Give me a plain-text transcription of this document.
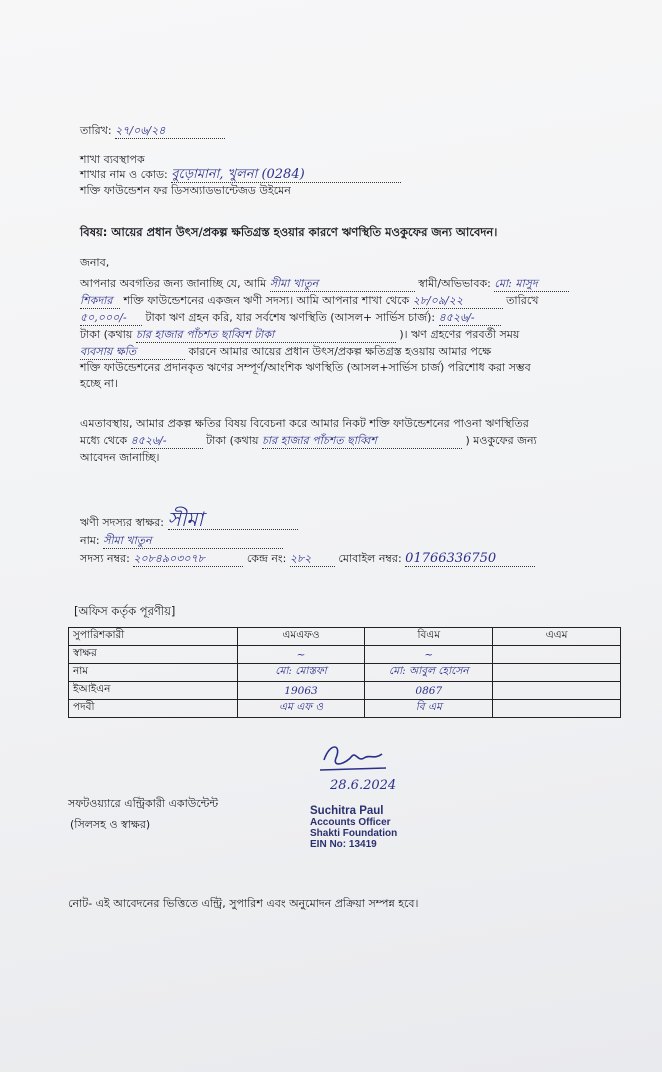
তারিখ: ২৭/০৬/২৪
শাখা ব্যবস্থাপক
শাখার নাম ও কোড: বুড়োমানা, খুলনা (0284)
শক্তি ফাউন্ডেশন ফর ডিসঅ্যাডভান্টেজড উইমেন
বিষয়: আয়ের প্রধান উৎস/প্রকল্প ক্ষতিগ্রস্ত হওয়ার কারণে ঋণস্থিতি মওকুফের জন্য আবেদন।
জনাব,
আপনার অবগতির জন্য জানাচ্ছি যে, আমি সীমা খাতুন	স্বামী/অভিভাবক: মো: মাসুদ
শিকদার শক্তি ফাউন্ডেশনের একজন ঋণী সদস্য। আমি আপনার শাখা থেকে ২৮/০৯/২২	তারিখে
৫০,০০০/- টাকা ঋণ গ্রহন করি, যার সর্বশেষ ঋণস্থিতি (আসল+ সার্ভিস চার্জ): ৪৫২৬/-
টাকা (কথায় চার হাজার পাঁচশত ছাব্বিশ টাকা	)। ঋণ গ্রহণের পরবর্তী সময়
ব্যবসায় ক্ষতি	কারনে আমার আয়ের প্রধান উৎস/প্রকল্প ক্ষতিগ্রস্ত হওয়ায় আমার পক্ষে
শক্তি ফাউন্ডেশনের প্রদানকৃত ঋণের সম্পূর্ণ/আংশিক ঋণস্থিতি (আসল+সার্ভিস চার্জ) পরিশোধ করা সম্ভব
হচ্ছে না।
এমতাবস্থায়, আমার প্রকল্প ক্ষতির বিষয় বিবেচনা করে আমার নিকট শক্তি ফাউন্ডেশনের পাওনা ঋণস্থিতির
মধ্যে থেকে ৪৫২৬/-	টাকা (কথায় চার হাজার পাঁচশত ছাব্বিশ	) মওকুফের জন্য
আবেদন জানাচ্ছি।
ঋণী সদস্যর স্বাক্ষর: সীমা
নাম: সীমা খাতুন
সদস্য নম্বর: ২০৮৪৯০৩০৭৮	কেন্দ্র নং: ২৮২ মোবাইল নম্বর: 01766336750
[অফিস কর্তৃক পূরণীয়]
সুপারিশকারী	এমএফও	বিএম	এএম
স্বাক্ষর	~	~	
নাম	মো: মোস্তফা	মো: আবুল হোসেন	
ইআইএন	19063	0867	
পদবী	এম এফ ও	বি এম	
28.6.2024
Suchitra Paul
Accounts Officer
Shakti Foundation
EIN No: 13419
সফটওয়্যারে এন্ট্রিকারী একাউন্টেন্ট
(সিলসহ ও স্বাক্ষর)
নোট- এই আবেদনের ভিত্তিতে এন্ট্রি, সুপারিশ এবং অনুমোদন প্রক্রিয়া সম্পন্ন হবে।
